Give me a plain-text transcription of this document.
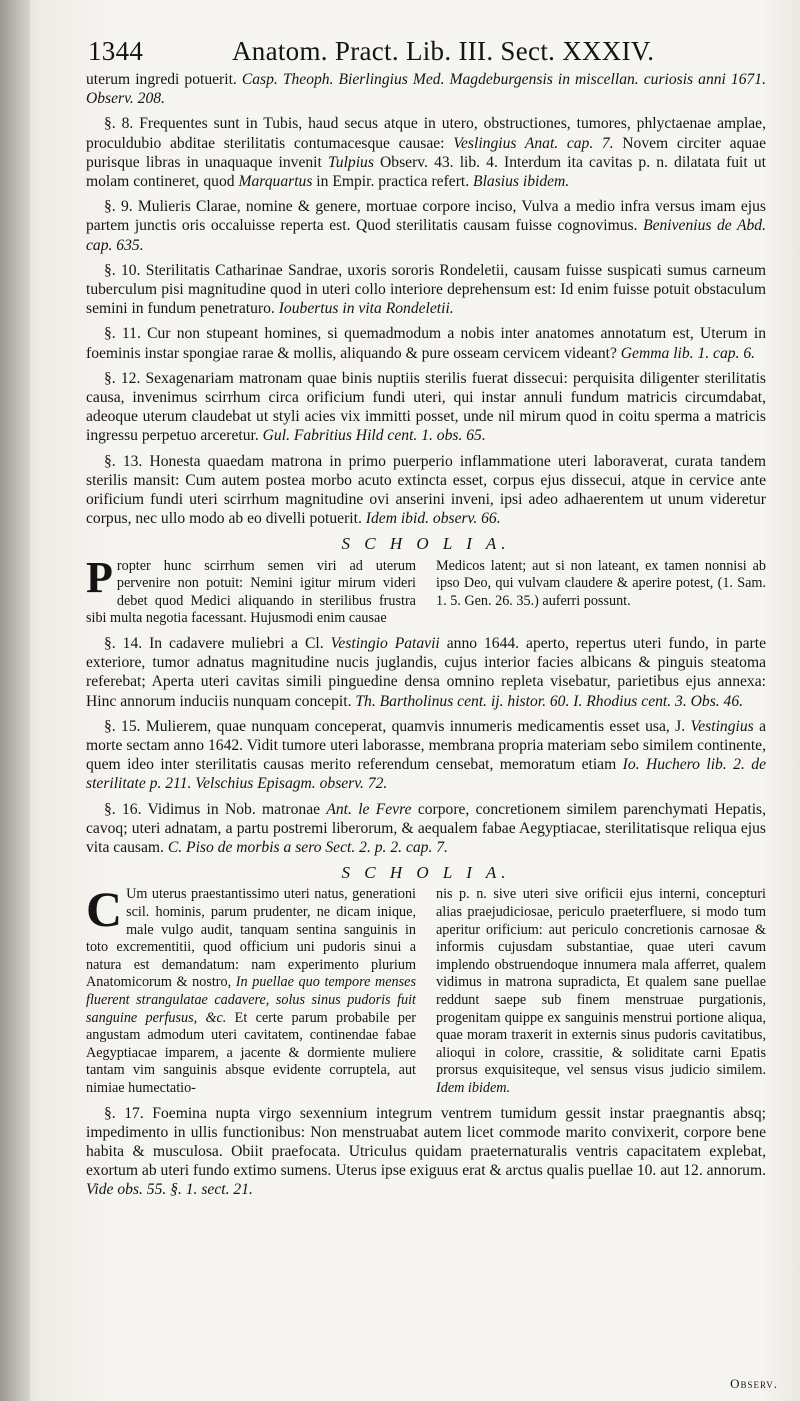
1344	Anatom. Pract. Lib. III. Sect. XXXIV.

uterum ingredi potuerit. Casp. Theoph. Bierlingius Med. Magdeburgensis in miscellan. curiosis anni 1671. Observ. 208.

§. 8. Frequentes sunt in Tubis, haud secus atque in utero, obstructiones, tumores, phlyctaenae amplae, proculdubio abditae sterilitatis contumacesque causae: Veslingius Anat. cap. 7. Novem circiter aquae purisque libras in unaquaque invenit Tulpius Observ. 43. lib. 4. Interdum ita cavitas p. n. dilatata fuit ut molam contineret, quod Marquartus in Empir. practica refert. Blasius ibidem.

§. 9. Mulieris Clarae, nomine & genere, mortuae corpore inciso, Vulva a medio infra versus imam ejus partem junctis oris occaluisse reperta est. Quod sterilitatis causam fuisse cognovimus. Benivenius de Abd. cap. 635.

§. 10. Sterilitatis Catharinae Sandrae, uxoris sororis Rondeletii, causam fuisse suspicati sumus carneum tuberculum pisi magnitudine quod in uteri collo interiore deprehensum est: Id enim fuisse potuit obstaculum semini in fundum penetraturo. Ioubertus in vita Rondeletii.

§. 11. Cur non stupeant homines, si quemadmodum a nobis inter anatomes annotatum est, Uterum in foeminis instar spongiae rarae & mollis, aliquando & pure osseam cervicem videant? Gemma lib. 1. cap. 6.

§. 12. Sexagenariam matronam quae binis nuptiis sterilis fuerat dissecui: perquisita diligenter sterilitatis causa, invenimus scirrhum circa orificium fundi uteri, qui instar annuli fundum matricis circumdabat, adeoque uterum claudebat ut styli acies vix immitti posset, unde nil mirum quod in coitu sperma a matricis ingressu perpetuo arceretur. Gul. Fabritius Hild cent. 1. obs. 65.

§. 13. Honesta quaedam matrona in primo puerperio inflammatione uteri laboraverat, curata tandem sterilis mansit: Cum autem postea morbo acuto extincta esset, corpus ejus dissecui, atque in cervice ante orificium fundi uteri scirrhum magnitudine ovi anserini inveni, ipsi adeo adhaerentem ut unum videretur corpus, nec ullo modo ab eo divelli potuerit. Idem ibid. observ. 66.

S C H O L I A.
P ropter hunc scirrhum semen viri ad uterum pervenire non potuit: Nemini igitur mirum videri debet quod Medici aliquando in sterilibus frustra sibi multa negotia facessant. Hujusmodi enim causae
Medicos latent; aut si non lateant, ex tamen nonnisi ab ipso Deo, qui vulvam claudere & aperire potest, (1. Sam. 1. 5. Gen. 26. 35.) auferri possunt.

§. 14. In cadavere muliebri a Cl. Vestingio Patavii anno 1644. aperto, repertus uteri fundo, in parte exteriore, tumor adnatus magnitudine nucis juglandis, cujus interior facies albicans & pinguis steatoma referebat; Aperta uteri cavitas simili pinguedine densa omnino repleta visebatur, parietibus ejus annexa: Hinc annorum induciis nunquam concepit. Th. Bartholinus cent. ij. histor. 60. I. Rhodius cent. 3. Obs. 46.

§. 15. Mulierem, quae nunquam conceperat, quamvis innumeris medicamentis esset usa, J. Vestingius a morte sectam anno 1642. Vidit tumore uteri laborasse, membrana propria materiam sebo similem continente, quem ideo inter sterilitatis causas merito referendum censebat, memoratum etiam Io. Huchero lib. 2. de sterilitate p. 211. Velschius Episagm. observ. 72.

§. 16. Vidimus in Nob. matronae Ant. le Fevre corpore, concretionem similem parenchymati Hepatis, cavoq; uteri adnatam, a partu postremi liberorum, & aequalem fabae Aegyptiacae, sterilitatisque reliqua ejus vita causam. C. Piso de morbis a sero Sect. 2. p. 2. cap. 7.

S C H O L I A.
C Um uterus praestantissimo uteri natus, generationi scil. hominis, parum prudenter, ne dicam inique, male vulgo audit, tanquam sentina sanguinis in toto excrementitii, quod officium uni pudoris sinui a natura est demandatum: nam experimento plurium Anatomicorum & nostro, In puellae quo tempore menses fluerent strangulatae cadavere, solus sinus pudoris fuit sanguine perfusus, &c. Et certe parum probabile per angustam admodum uteri cavitatem, continendae fabae Aegyptiacae imparem, a jacente & dormiente muliere tantam vim sanguinis absque evidente corruptela, aut nimiae humectatio-
nis p. n. sive uteri sive orificii ejus interni, concepturi alias praejudiciosae, periculo praeterfluere, si modo tum aperitur orificium: aut periculo concretionis carnosae & informis cujusdam substantiae, quae uteri cavum implendo obstruendoque innumera mala afferret, qualem vidimus in matrona supradicta, Et qualem sane puellae reddunt saepe sub finem menstruae purgationis, progenitam quippe ex sanguinis menstrui portione aliqua, quae moram traxerit in externis sinus pudoris cavitatibus, alioqui in colore, crassitie, & soliditate carni Epatis prorsus exquisiteque, vel sensus visus judicio similem. Idem ibidem.

§. 17. Foemina nupta virgo sexennium integrum ventrem tumidum gessit instar praegnantis absq; impedimento in ullis functionibus: Non menstruabat autem licet commode marito convixerit, corpore bene habita & musculosa. Obiit praefocata. Utriculus quidam praeternaturalis ventris capacitatem explebat, exortum ab uteri fundo extimo sumens. Uterus ipse exiguus erat & arctus qualis puellae 10. aut 12. annorum. Vide obs. 55. §. 1. sect. 21.

Observ.
